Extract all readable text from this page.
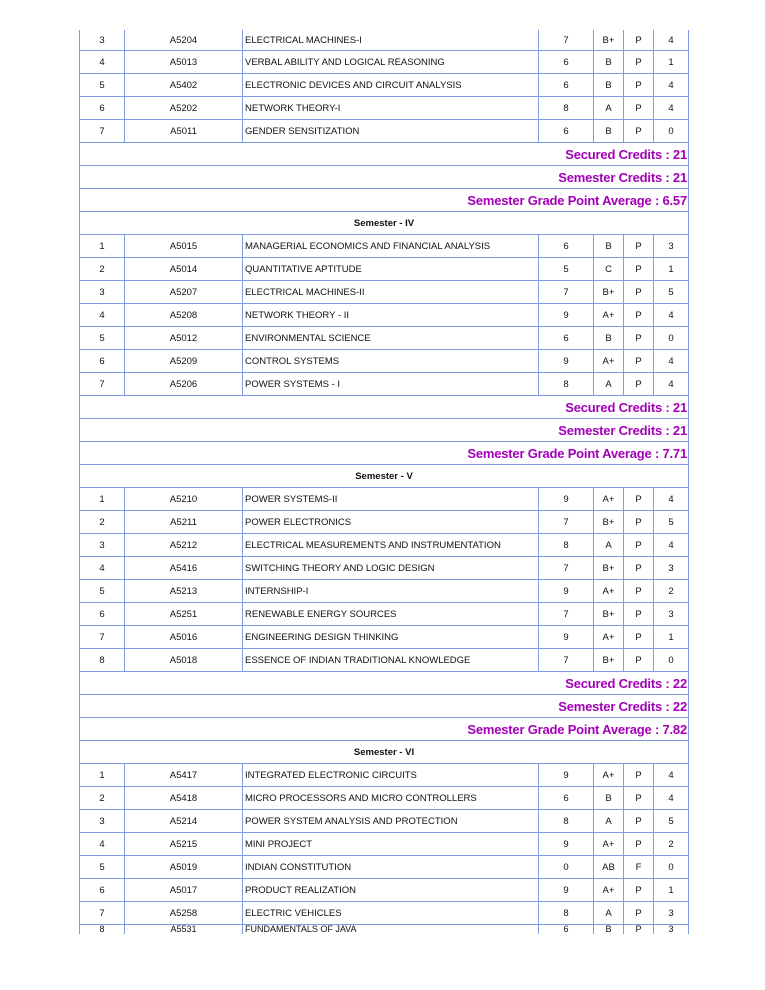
3	A5204	ELECTRICAL MACHINES-I	7	B+	P	4
4	A5013	VERBAL ABILITY AND LOGICAL REASONING	6	B	P	1
5	A5402	ELECTRONIC DEVICES AND CIRCUIT ANALYSIS	6	B	P	4
6	A5202	NETWORK THEORY-I	8	A	P	4
7	A5011	GENDER SENSITIZATION	6	B	P	0
Secured Credits : 21						
Semester Credits : 21						
Semester Grade Point Average : 6.57						
Semester - IV						
1	A5015	MANAGERIAL ECONOMICS AND FINANCIAL ANALYSIS	6	B	P	3
2	A5014	QUANTITATIVE APTITUDE	5	C	P	1
3	A5207	ELECTRICAL MACHINES-II	7	B+	P	5
4	A5208	NETWORK THEORY - II	9	A+	P	4
5	A5012	ENVIRONMENTAL SCIENCE	6	B	P	0
6	A5209	CONTROL SYSTEMS	9	A+	P	4
7	A5206	POWER SYSTEMS - I	8	A	P	4
Secured Credits : 21						
Semester Credits : 21						
Semester Grade Point Average : 7.71						
Semester - V						
1	A5210	POWER SYSTEMS-II	9	A+	P	4
2	A5211	POWER ELECTRONICS	7	B+	P	5
3	A5212	ELECTRICAL MEASUREMENTS AND INSTRUMENTATION	8	A	P	4
4	A5416	SWITCHING THEORY AND LOGIC DESIGN	7	B+	P	3
5	A5213	INTERNSHIP-I	9	A+	P	2
6	A5251	RENEWABLE ENERGY SOURCES	7	B+	P	3
7	A5016	ENGINEERING DESIGN THINKING	9	A+	P	1
8	A5018	ESSENCE OF INDIAN TRADITIONAL KNOWLEDGE	7	B+	P	0
Secured Credits : 22						
Semester Credits : 22						
Semester Grade Point Average : 7.82						
Semester - VI						
1	A5417	INTEGRATED ELECTRONIC CIRCUITS	9	A+	P	4
2	A5418	MICRO PROCESSORS AND MICRO CONTROLLERS	6	B	P	4
3	A5214	POWER SYSTEM ANALYSIS AND PROTECTION	8	A	P	5
4	A5215	MINI PROJECT	9	A+	P	2
5	A5019	INDIAN CONSTITUTION	0	AB	F	0
6	A5017	PRODUCT REALIZATION	9	A+	P	1
7	A5258	ELECTRIC VEHICLES	8	A	P	3
8	A5531	FUNDAMENTALS OF JAVA	6	B	P	3
